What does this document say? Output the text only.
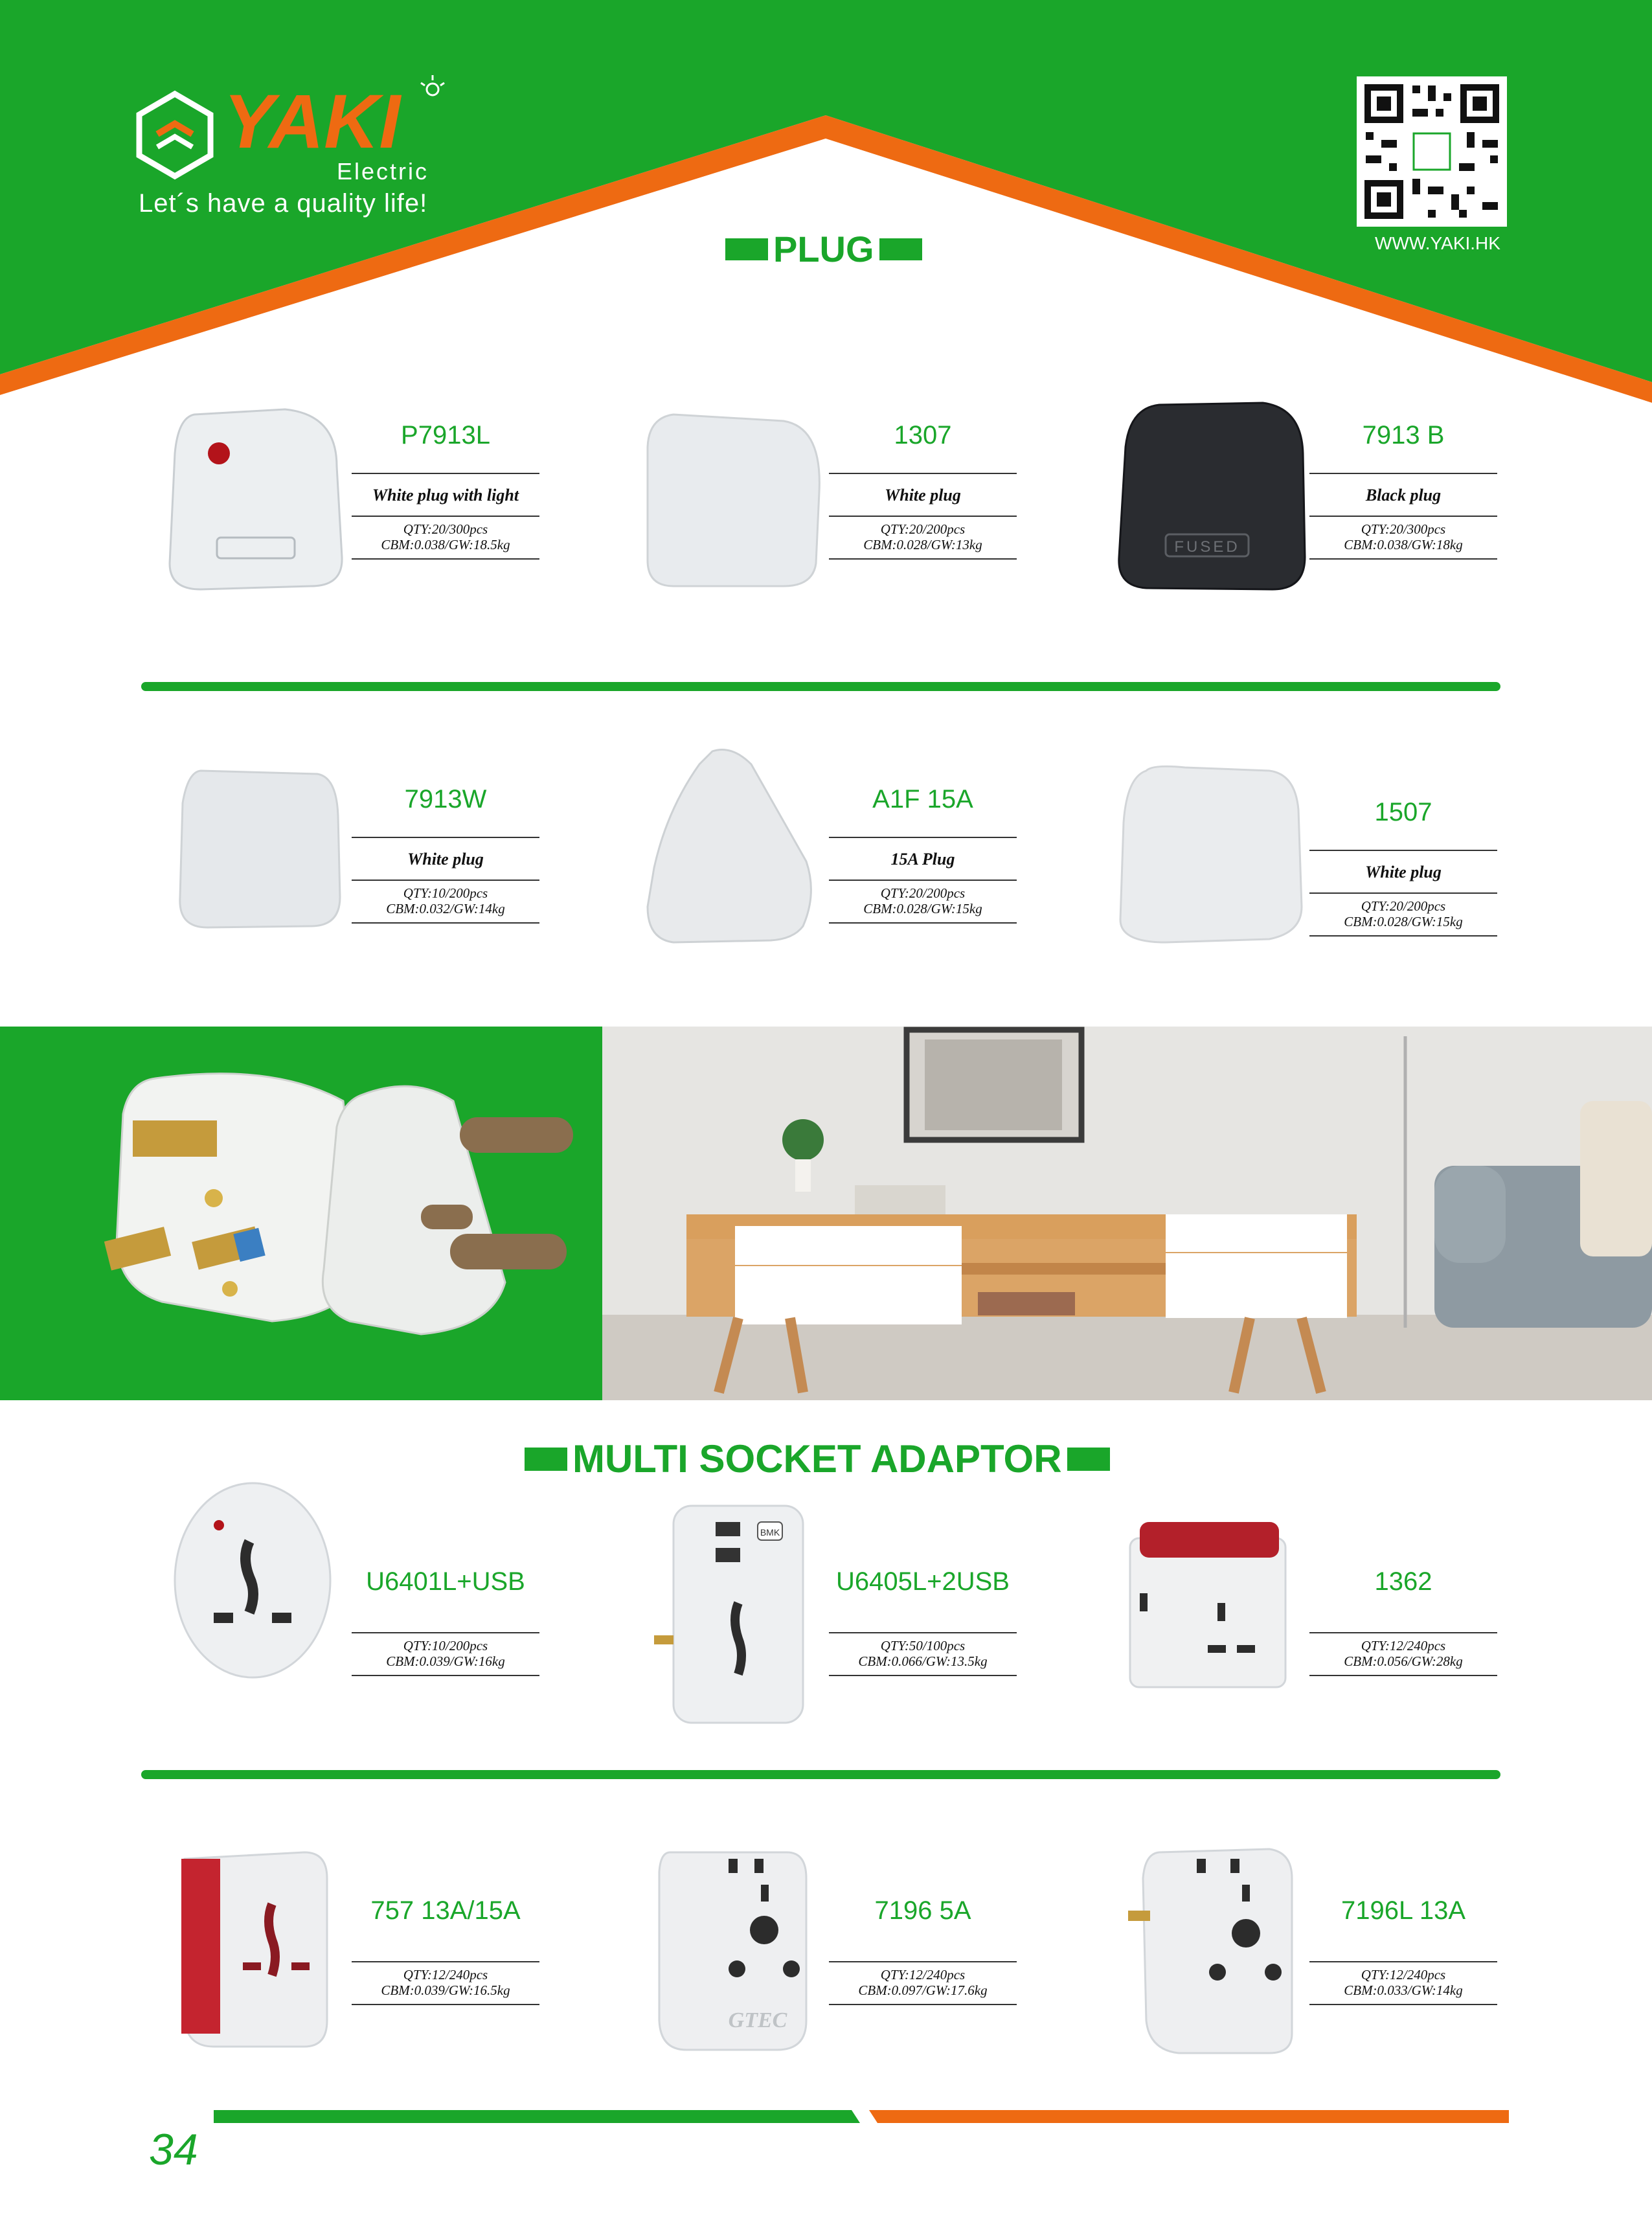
YAKI
FUSED
BMK
GTEC
Electric
Let´s have a quality life!
WWW.YAKI.HK
PLUG
MULTI SOCKET ADAPTOR
P7913L
White plug with light
QTY:20/300pcs
CBM:0.038/GW:18.5kg
1307
White plug
QTY:20/200pcs
CBM:0.028/GW:13kg
7913 B
Black plug
QTY:20/300pcs
CBM:0.038/GW:18kg
7913W
White plug
QTY:10/200pcs
CBM:0.032/GW:14kg
A1F 15A
15A Plug
QTY:20/200pcs
CBM:0.028/GW:15kg
1507
White plug
QTY:20/200pcs
CBM:0.028/GW:15kg
U6401L+USB
QTY:10/200pcs
CBM:0.039/GW:16kg
U6405L+2USB
QTY:50/100pcs
CBM:0.066/GW:13.5kg
1362
QTY:12/240pcs
CBM:0.056/GW:28kg
757 13A/15A
QTY:12/240pcs
CBM:0.039/GW:16.5kg
7196 5A
QTY:12/240pcs
CBM:0.097/GW:17.6kg
7196L 13A
QTY:12/240pcs
CBM:0.033/GW:14kg
34
